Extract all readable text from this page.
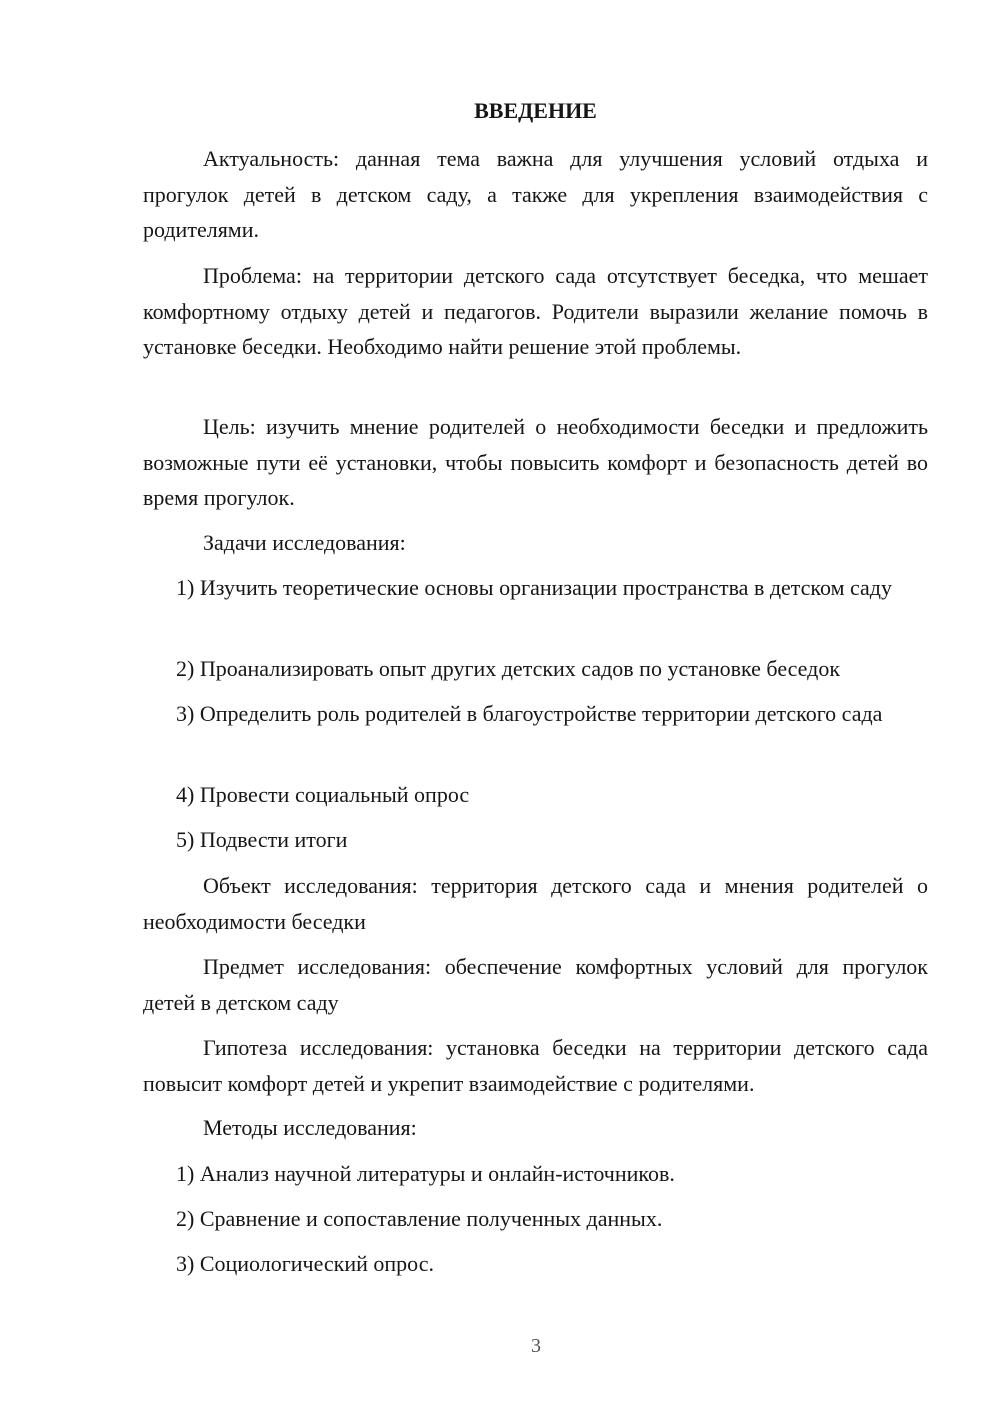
ВВЕДЕНИЕ

Актуальность: данная тема важна для улучшения условий отдыха и прогулок детей в детском саду, а также для укрепления взаимодействия с родителями.

Проблема: на территории детского сада отсутствует беседка, что мешает комфортному отдыху детей и педагогов. Родители выразили желание помочь в установке беседки. Необходимо найти решение этой проблемы.

Цель: изучить мнение родителей о необходимости беседки и предложить возможные пути её установки, чтобы повысить комфорт и безопасность детей во время прогулок.

Задачи исследования:

1) Изучить теоретические основы организации пространства в детском саду

2) Проанализировать опыт других детских садов по установке беседок

3) Определить роль родителей в благоустройстве территории детского сада

4) Провести социальный опрос

5) Подвести итоги

Объект исследования: территория детского сада и мнения родителей о необходимости беседки

Предмет исследования: обеспечение комфортных условий для прогулок детей в детском саду

Гипотеза исследования: установка беседки на территории детского сада повысит комфорт детей и укрепит взаимодействие с родителями.

Методы исследования:

1) Анализ научной литературы и онлайн-источников.

2) Сравнение и сопоставление полученных данных.

3) Социологический опрос.

3
